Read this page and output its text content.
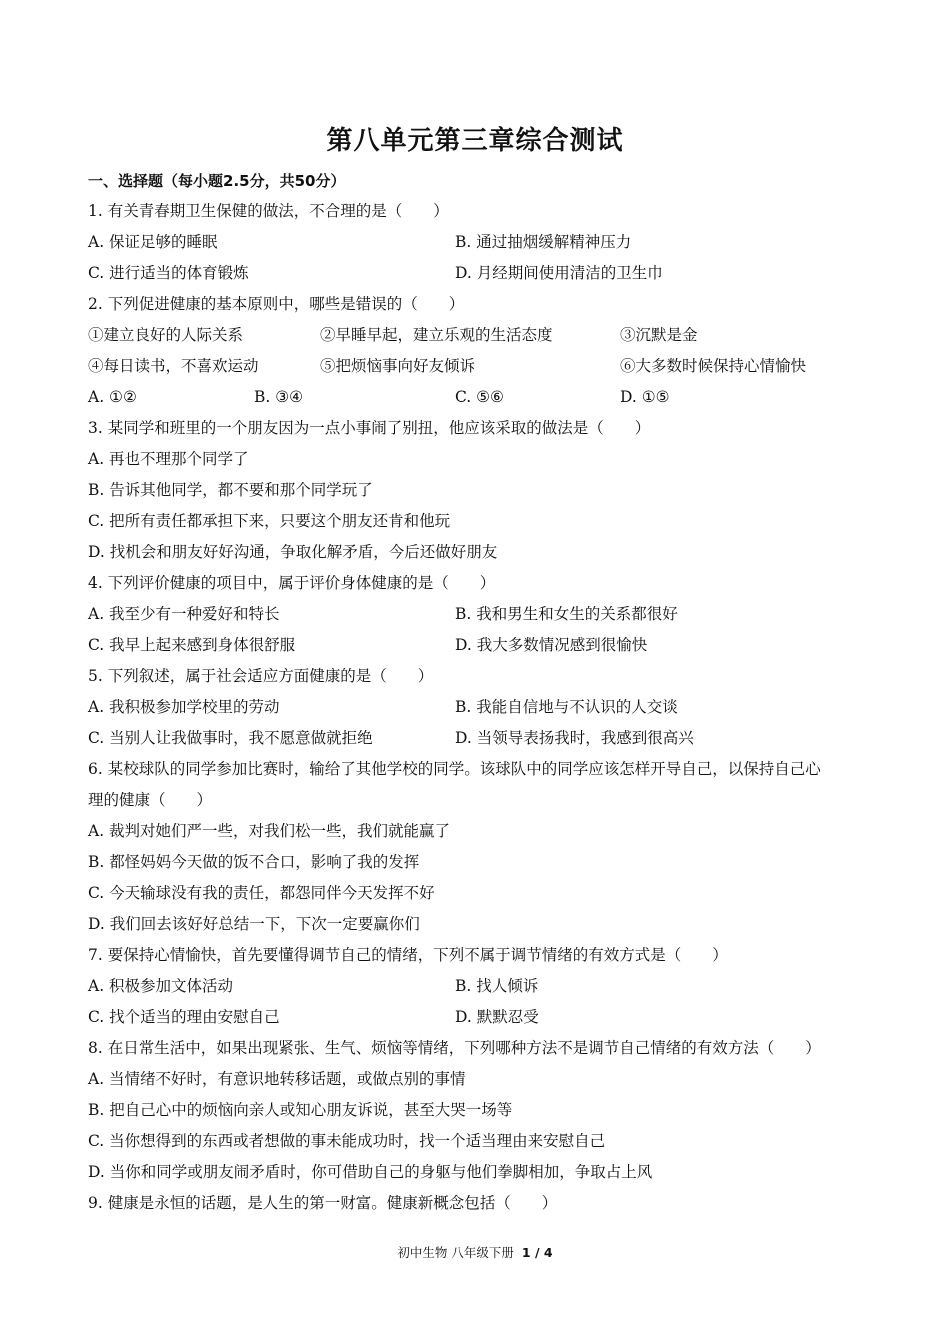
第八单元第三章综合测试
一、选择题（每小题2.5分，共50分）
1. 有关青春期卫生保健的做法，不合理的是（　　）
A. 保证足够的睡眠	B. 通过抽烟缓解精神压力
C. 进行适当的体育锻炼	D. 月经期间使用清洁的卫生巾
2. 下列促进健康的基本原则中，哪些是错误的（　　）
①建立良好的人际关系	②早睡早起，建立乐观的生活态度	③沉默是金
④每日读书，不喜欢运动	⑤把烦恼事向好友倾诉	⑥大多数时候保持心情愉快
A. ①②	B. ③④	C. ⑤⑥	D. ①⑤
3. 某同学和班里的一个朋友因为一点小事闹了别扭，他应该采取的做法是（　　）
A. 再也不理那个同学了
B. 告诉其他同学，都不要和那个同学玩了
C. 把所有责任都承担下来，只要这个朋友还肯和他玩
D. 找机会和朋友好好沟通，争取化解矛盾，今后还做好朋友
4. 下列评价健康的项目中，属于评价身体健康的是（　　）
A. 我至少有一种爱好和特长	B. 我和男生和女生的关系都很好
C. 我早上起来感到身体很舒服	D. 我大多数情况感到很愉快
5. 下列叙述，属于社会适应方面健康的是（　　）
A. 我积极参加学校里的劳动	B. 我能自信地与不认识的人交谈
C. 当别人让我做事时，我不愿意做就拒绝	D. 当领导表扬我时，我感到很高兴
6. 某校球队的同学参加比赛时，输给了其他学校的同学。该球队中的同学应该怎样开导自己，以保持自己心
理的健康（　　）
A. 裁判对她们严一些，对我们松一些，我们就能赢了
B. 都怪妈妈今天做的饭不合口，影响了我的发挥
C. 今天输球没有我的责任，都怨同伴今天发挥不好
D. 我们回去该好好总结一下，下次一定要赢你们
7. 要保持心情愉快，首先要懂得调节自己的情绪，下列不属于调节情绪的有效方式是（　　）
A. 积极参加文体活动	B. 找人倾诉
C. 找个适当的理由安慰自己	D. 默默忍受
8. 在日常生活中，如果出现紧张、生气、烦恼等情绪，下列哪种方法不是调节自己情绪的有效方法（　　）
A. 当情绪不好时，有意识地转移话题，或做点别的事情
B. 把自己心中的烦恼向亲人或知心朋友诉说，甚至大哭一场等
C. 当你想得到的东西或者想做的事未能成功时，找一个适当理由来安慰自己
D. 当你和同学或朋友闹矛盾时，你可借助自己的身躯与他们拳脚相加，争取占上风
9. 健康是永恒的话题，是人生的第一财富。健康新概念包括（　　）
初中生物 八年级下册 1 / 4
